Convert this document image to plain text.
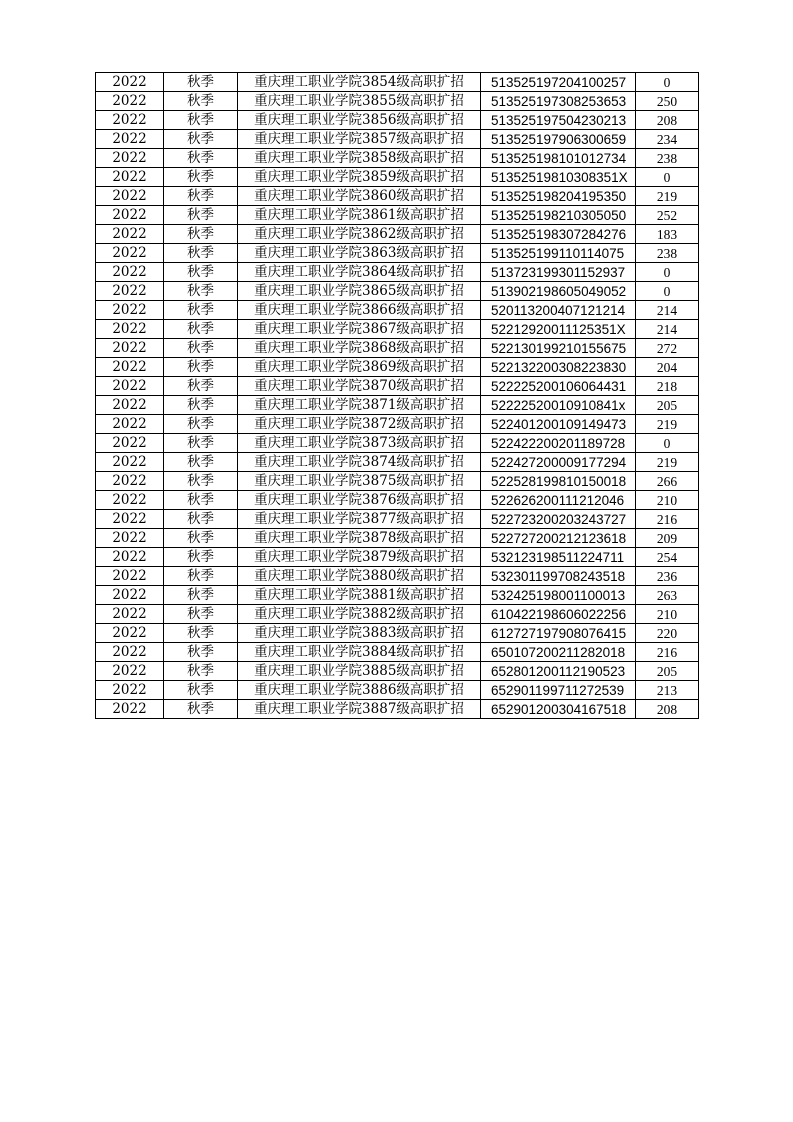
2022	秋季	重庆理工职业学院3854级高职扩招	513525197204100257	0
2022	秋季	重庆理工职业学院3855级高职扩招	513525197308253653	250
2022	秋季	重庆理工职业学院3856级高职扩招	513525197504230213	208
2022	秋季	重庆理工职业学院3857级高职扩招	513525197906300659	234
2022	秋季	重庆理工职业学院3858级高职扩招	513525198101012734	238
2022	秋季	重庆理工职业学院3859级高职扩招	51352519810308351X	0
2022	秋季	重庆理工职业学院3860级高职扩招	513525198204195350	219
2022	秋季	重庆理工职业学院3861级高职扩招	513525198210305050	252
2022	秋季	重庆理工职业学院3862级高职扩招	513525198307284276	183
2022	秋季	重庆理工职业学院3863级高职扩招	513525199110114075	238
2022	秋季	重庆理工职业学院3864级高职扩招	513723199301152937	0
2022	秋季	重庆理工职业学院3865级高职扩招	513902198605049052	0
2022	秋季	重庆理工职业学院3866级高职扩招	520113200407121214	214
2022	秋季	重庆理工职业学院3867级高职扩招	52212920011125351X	214
2022	秋季	重庆理工职业学院3868级高职扩招	522130199210155675	272
2022	秋季	重庆理工职业学院3869级高职扩招	522132200308223830	204
2022	秋季	重庆理工职业学院3870级高职扩招	522225200106064431	218
2022	秋季	重庆理工职业学院3871级高职扩招	52222520010910841x	205
2022	秋季	重庆理工职业学院3872级高职扩招	522401200109149473	219
2022	秋季	重庆理工职业学院3873级高职扩招	522422200201189728	0
2022	秋季	重庆理工职业学院3874级高职扩招	522427200009177294	219
2022	秋季	重庆理工职业学院3875级高职扩招	522528199810150018	266
2022	秋季	重庆理工职业学院3876级高职扩招	522626200111212046	210
2022	秋季	重庆理工职业学院3877级高职扩招	522723200203243727	216
2022	秋季	重庆理工职业学院3878级高职扩招	522727200212123618	209
2022	秋季	重庆理工职业学院3879级高职扩招	532123198511224711	254
2022	秋季	重庆理工职业学院3880级高职扩招	532301199708243518	236
2022	秋季	重庆理工职业学院3881级高职扩招	532425198001100013	263
2022	秋季	重庆理工职业学院3882级高职扩招	610422198606022256	210
2022	秋季	重庆理工职业学院3883级高职扩招	612727197908076415	220
2022	秋季	重庆理工职业学院3884级高职扩招	650107200211282018	216
2022	秋季	重庆理工职业学院3885级高职扩招	652801200112190523	205
2022	秋季	重庆理工职业学院3886级高职扩招	652901199711272539	213
2022	秋季	重庆理工职业学院3887级高职扩招	652901200304167518	208
